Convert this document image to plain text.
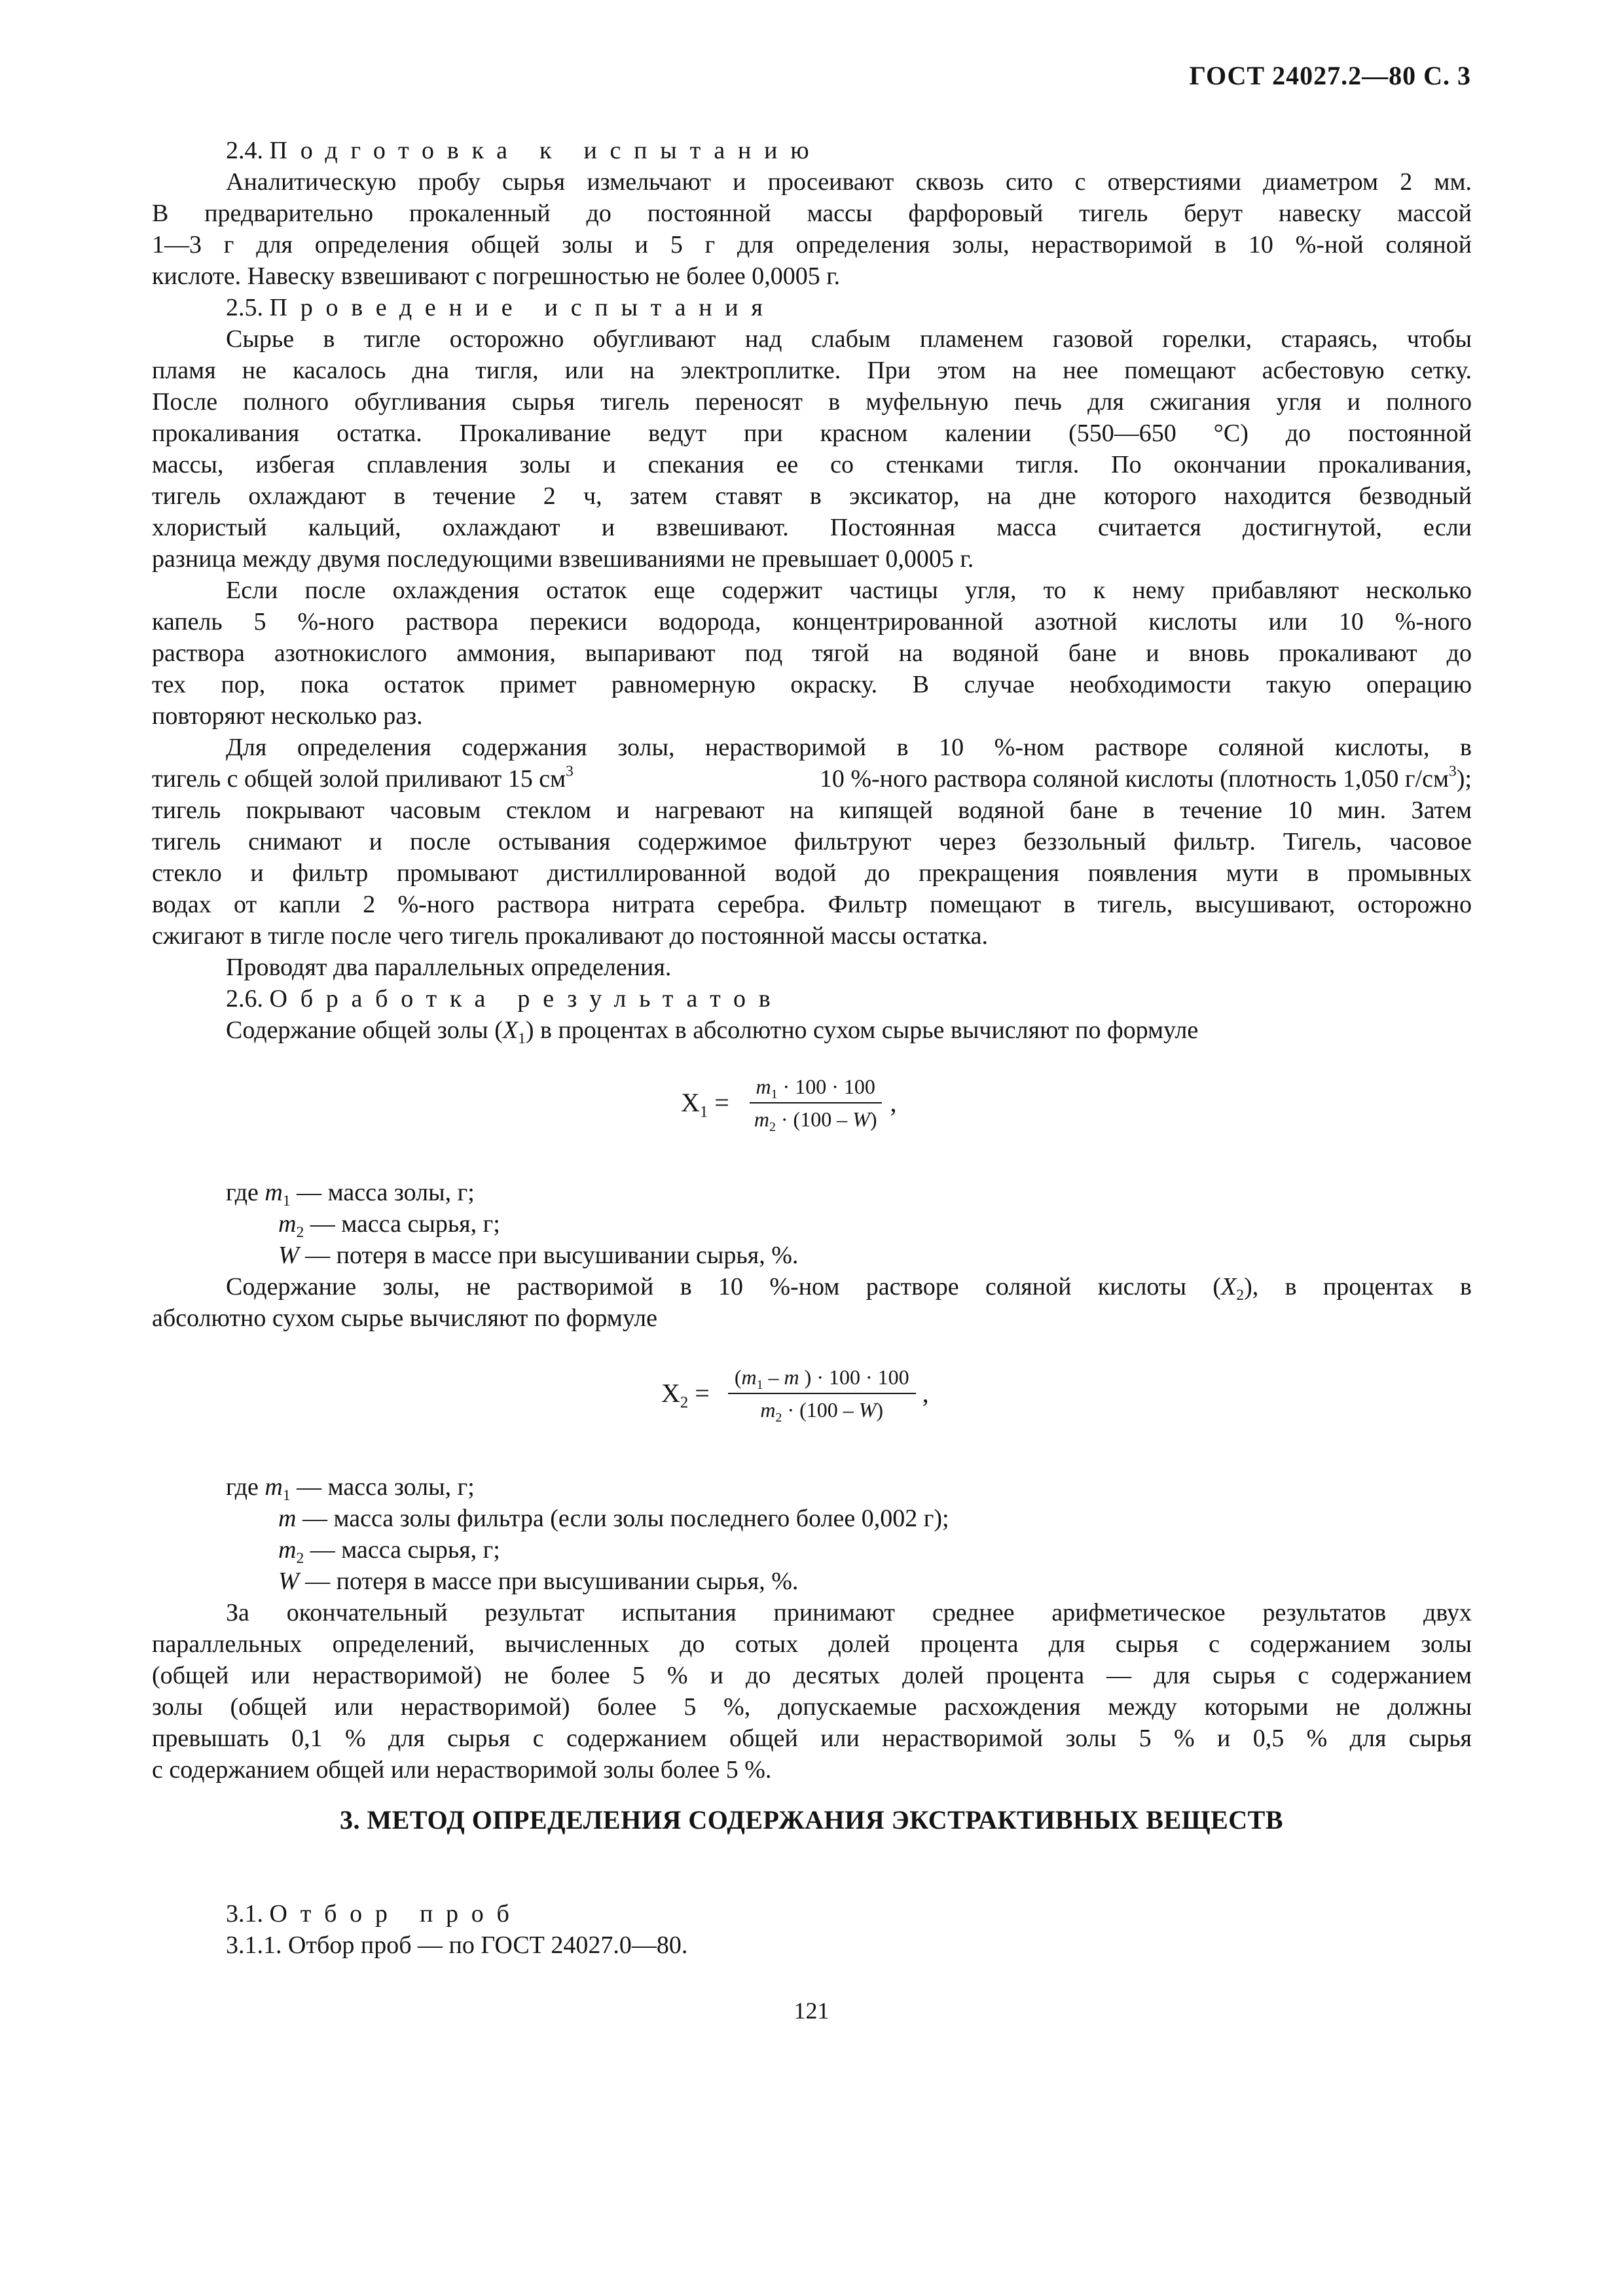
ГОСТ 24027.2—80 С. 3
2.4. Подготовка к испытанию
Аналитическую пробу сырья измельчают и просеивают сквозь сито с отверстиями диаметром 2 мм.
В предварительно прокаленный до постоянной массы фарфоровый тигель берут навеску массой
1—3 г для определения общей золы и 5 г для определения золы, нерастворимой в 10 %-ной соляной
кислоте. Навеску взвешивают с погрешностью не более 0,0005 г.
2.5. Проведение испытания
Сырье в тигле осторожно обугливают над слабым пламенем газовой горелки, стараясь, чтобы
пламя не касалось дна тигля, или на электроплитке. При этом на нее помещают асбестовую сетку.
После полного обугливания сырья тигель переносят в муфельную печь для сжигания угля и полного
прокаливания остатка. Прокаливание ведут при красном калении (550—650 °С) до постоянной
массы, избегая сплавления золы и спекания ее со стенками тигля. По окончании прокаливания,
тигель охлаждают в течение 2 ч, затем ставят в эксикатор, на дне которого находится безводный
хлористый кальций, охлаждают и взвешивают. Постоянная масса считается достигнутой, если
разница между двумя последующими взвешиваниями не превышает 0,0005 г.
Если после охлаждения остаток еще содержит частицы угля, то к нему прибавляют несколько
капель 5 %-ного раствора перекиси водорода, концентрированной азотной кислоты или 10 %-ного
раствора азотнокислого аммония, выпаривают под тягой на водяной бане и вновь прокаливают до
тех пор, пока остаток примет равномерную окраску. В случае необходимости такую операцию
повторяют несколько раз.
Для определения содержания золы, нерастворимой в 10 %-ном растворе соляной кислоты, в
тигель с общей золой приливают 15 $см^3$	10 %-ного раствора соляной кислоты (плотность 1,050 $г/см^3$);
тигель покрывают часовым стеклом и нагревают на кипящей водяной бане в течение 10 мин. Затем
тигель снимают и после остывания содержимое фильтруют через беззольный фильтр. Тигель, часовое
стекло и фильтр промывают дистиллированной водой до прекращения появления мути в промывных
водах от капли 2 %-ного раствора нитрата серебра. Фильтр помещают в тигель, высушивают, осторожно
сжигают в тигле после чего тигель прокаливают до постоянной массы остатка.
Проводят два параллельных определения.
2.6. Обработка результатов
Содержание общей золы $(X_1)$ в процентах в абсолютно сухом сырье вычисляют по формуле
$X_1 = \frac{m_1 \cdot 100 \cdot 100}{m_2 \cdot (100 - W)}$ ,
где $m_1$ — масса золы, г;
$m_2$ — масса сырья, г;
W — потеря в массе при высушивании сырья, %.
Содержание золы, не растворимой в 10 %-ном растворе соляной кислоты $(X_2)$, в процентах в
абсолютно сухом сырье вычисляют по формуле
$X_2 = \frac{(m_1 - m ) \cdot 100 \cdot 100}{m_2 \cdot (100 - W)}$ ,
где $m_1$ — масса золы, г;
m — масса золы фильтра (если золы последнего более 0,002 г);
$m_2$ — масса сырья, г;
W — потеря в массе при высушивании сырья, %.
За окончательный результат испытания принимают среднее арифметическое результатов двух
параллельных определений, вычисленных до сотых долей процента для сырья с содержанием золы
(общей или нерастворимой) не более 5 % и до десятых долей процента — для сырья с содержанием
золы (общей или нерастворимой) более 5 %, допускаемые расхождения между которыми не должны
превышать 0,1 % для сырья с содержанием общей или нерастворимой золы 5 % и 0,5 % для сырья
с содержанием общей или нерастворимой золы более 5 %.
3. МЕТОД ОПРЕДЕЛЕНИЯ СОДЕРЖАНИЯ ЭКСТРАКТИВНЫХ ВЕЩЕСТВ
3.1. Отбор проб
3.1.1. Отбор проб — по ГОСТ 24027.0—80.
121
